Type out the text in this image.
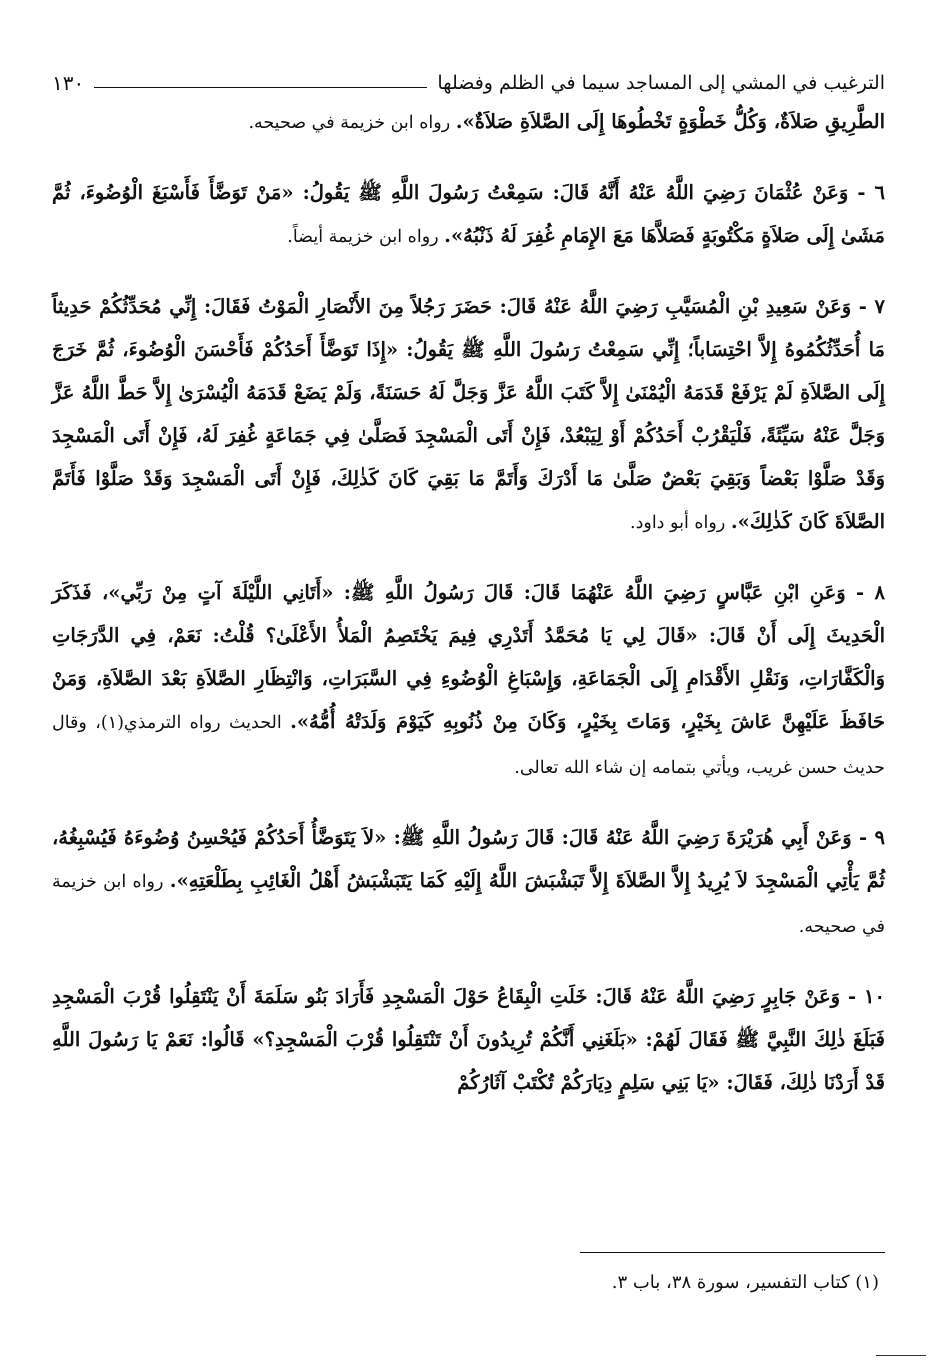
الترغيب في المشي إلى المساجد سيما في الظلم وفضلها
١٣٠

الطَّرِيقِ صَلاَةٌ، وَكُلُّ خَطْوَةٍ تَخْطُوهَا إِلَى الصَّلاَةِ صَلاَةٌ». رواه ابن خزيمة في صحيحه.

٦ - وَعَنْ عُثْمَانَ رَضِيَ اللَّهُ عَنْهُ أَنَّهُ قَالَ: سَمِعْتُ رَسُولَ اللَّهِ ﷺ يَقُولُ: «مَنْ تَوَضَّأَ فَأَسْبَغَ الْوُضُوءَ، ثُمَّ مَشَىٰ إِلَى صَلاَةٍ مَكْتُوبَةٍ فَصَلاَّهَا مَعَ الإِمَامِ غُفِرَ لَهُ ذَنْبُهُ». رواه ابن خزيمة أيضاً.

٧ - وَعَنْ سَعِيدِ بْنِ الْمُسَيَّبِ رَضِيَ اللَّهُ عَنْهُ قَالَ: حَضَرَ رَجُلاً مِنَ الأَنْصَارِ الْمَوْتُ فَقَالَ: إِنِّي مُحَدِّثُكُمْ حَدِيثاً مَا أُحَدِّثُكُمُوهُ إِلاَّ احْتِسَاباً؛ إِنِّي سَمِعْتُ رَسُولَ اللَّهِ ﷺ يَقُولُ: «إِذَا تَوَضَّأَ أَحَدُكُمْ فَأَحْسَنَ الْوُضُوءَ، ثُمَّ خَرَجَ إِلَى الصَّلاَةِ لَمْ يَرْفَعْ قَدَمَهُ الْيُمْنَىٰ إِلاَّ كَتَبَ اللَّهُ عَزَّ وَجَلَّ لَهُ حَسَنَةً، وَلَمْ يَضَعْ قَدَمَهُ الْيُسْرَىٰ إِلاَّ حَطَّ اللَّهُ عَزَّ وَجَلَّ عَنْهُ سَيِّئَةً، فَلْيَقْرُبْ أَحَدُكُمْ أَوْ لِيَبْعُدْ، فَإِنْ أَتَى الْمَسْجِدَ فَصَلَّىٰ فِي جَمَاعَةٍ غُفِرَ لَهُ، فَإِنْ أَتَى الْمَسْجِدَ وَقَدْ صَلَّوْا بَعْضاً وَبَقِيَ بَعْضٌ صَلَّىٰ مَا أَدْرَكَ وَأَتَمَّ مَا بَقِيَ كَانَ كَذٰلِكَ، فَإِنْ أَتَى الْمَسْجِدَ وَقَدْ صَلَّوْا فَأَتَمَّ الصَّلاَةَ كَانَ كَذٰلِكَ». رواه أبو داود.

٨ - وَعَنِ ابْنِ عَبَّاسٍ رَضِيَ اللَّهُ عَنْهُمَا قَالَ: قَالَ رَسُولُ اللَّهِ ﷺ: «أَتَانِي اللَّيْلَةَ آتٍ مِنْ رَبِّي»، فَذَكَرَ الْحَدِيثَ إِلَى أَنْ قَالَ: «قَالَ لِي يَا مُحَمَّدُ أَتَدْرِي فِيمَ يَخْتَصِمُ الْمَلأُ الأَعْلَىٰ؟ قُلْتُ: نَعَمْ، فِي الدَّرَجَاتِ وَالْكَفَّارَاتِ، وَنَقْلِ الأَقْدَامِ إِلَى الْجَمَاعَةِ، وَإِسْبَاغِ الْوُضُوءِ فِي السَّبَرَاتِ، وَانْتِظَارِ الصَّلاَةِ بَعْدَ الصَّلاَةِ، وَمَنْ حَافَظَ عَلَيْهِنَّ عَاشَ بِخَيْرٍ، وَمَاتَ بِخَيْرٍ، وَكَانَ مِنْ ذُنُوبِهِ كَيَوْمَ وَلَدَتْهُ أُمُّهُ». الحديث رواه الترمذي(١)، وقال حديث حسن غريب، ويأتي بتمامه إن شاء الله تعالى.

٩ - وَعَنْ أَبِي هُرَيْرَةَ رَضِيَ اللَّهُ عَنْهُ قَالَ: قَالَ رَسُولُ اللَّهِ ﷺ: «لاَ يَتَوَضَّأُ أَحَدُكُمْ فَيُحْسِنُ وُضُوءَهُ فَيُسْبِغُهُ، ثُمَّ يَأْتِي الْمَسْجِدَ لاَ يُرِيدُ إِلاَّ الصَّلاَةَ إِلاَّ تَبَشْبَشَ اللَّهُ إِلَيْهِ كَمَا يَتَبَشْبَشُ أَهْلُ الْغَائِبِ بِطَلْعَتِهِ». رواه ابن خزيمة في صحيحه.

١٠ - وَعَنْ جَابِرٍ رَضِيَ اللَّهُ عَنْهُ قَالَ: خَلَتِ الْبِقَاعُ حَوْلَ الْمَسْجِدِ فَأَرَادَ بَنُو سَلَمَةَ أَنْ يَنْتَقِلُوا قُرْبَ الْمَسْجِدِ فَبَلَغَ ذٰلِكَ النَّبِيَّ ﷺ فَقَالَ لَهُمْ: «بَلَغَنِي أَنَّكُمْ تُرِيدُونَ أَنْ تَنْتَقِلُوا قُرْبَ الْمَسْجِدِ؟» قَالُوا: نَعَمْ يَا رَسُولَ اللَّهِ قَدْ أَرَدْنَا ذٰلِكَ، فَقَالَ: «يَا بَنِي سَلِمٍ دِيَارَكُمْ تُكْتَبْ آثَارُكُمْ

(١) كتاب التفسير، سورة ٣٨، باب ٣.
